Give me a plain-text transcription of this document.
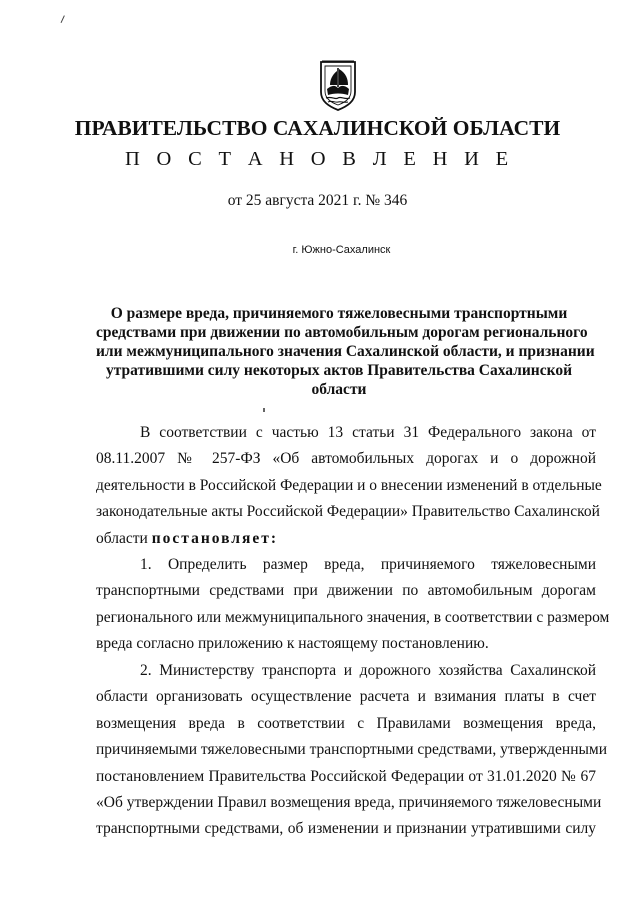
ПРАВИТЕЛЬСТВО САХАЛИНСКОЙ ОБЛАСТИ
П О С Т А Н О В Л Е Н И Е
от 25 августа 2021 г. № 346
г. Южно-Сахалинск
О размере вреда, причиняемого тяжеловесными транспортными
средствами при движении по автомобильным дорогам регионального
или межмуниципального значения Сахалинской области, и признании
утратившими силу некоторых актов Правительства Сахалинской
области
В соответствии с частью 13 статьи 31 Федерального закона от
08.11.2007 № 257-ФЗ «Об автомобильных дорогах и о дорожной
деятельности в Российской Федерации и о внесении изменений в отдельные
законодательные акты Российской Федерации» Правительство Сахалинской
области постановляет:
1. Определить размер вреда, причиняемого тяжеловесными
транспортными средствами при движении по автомобильным дорогам
регионального или межмуниципального значения, в соответствии с размером
вреда согласно приложению к настоящему постановлению.
2. Министерству транспорта и дорожного хозяйства Сахалинской
области организовать осуществление расчета и взимания платы в счет
возмещения вреда в соответствии с Правилами возмещения вреда,
причиняемыми тяжеловесными транспортными средствами, утвержденными
постановлением Правительства Российской Федерации от 31.01.2020 № 67
«Об утверждении Правил возмещения вреда, причиняемого тяжеловесными
транспортными средствами, об изменении и признании утратившими силу
